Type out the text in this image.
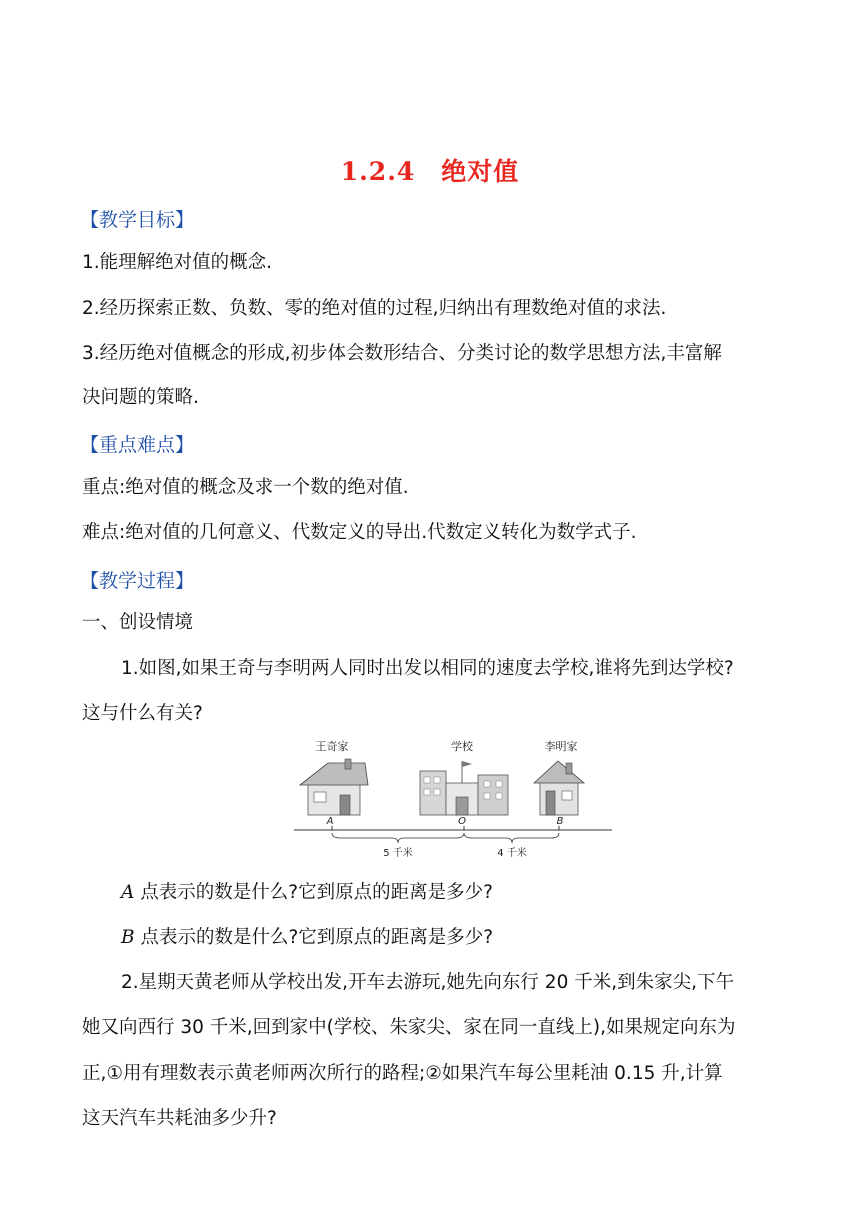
1.2.4　绝对值
【教学目标】
1.能理解绝对值的概念.
2.经历探索正数、负数、零的绝对值的过程,归纳出有理数绝对值的求法.
3.经历绝对值概念的形成,初步体会数形结合、分类讨论的数学思想方法,丰富解
决问题的策略.
【重点难点】
重点:绝对值的概念及求一个数的绝对值.
难点:绝对值的几何意义、代数定义的导出.代数定义转化为数学式子.
【教学过程】
一、创设情境
1.如图,如果王奇与李明两人同时出发以相同的速度去学校,谁将先到达学校?
这与什么有关?
王奇家	学校	李明家
A	O	B
5 千米	4 千米
A 点表示的数是什么?它到原点的距离是多少?
B 点表示的数是什么?它到原点的距离是多少?
2.星期天黄老师从学校出发,开车去游玩,她先向东行 20 千米,到朱家尖,下午
她又向西行 30 千米,回到家中(学校、朱家尖、家在同一直线上),如果规定向东为
正,①用有理数表示黄老师两次所行的路程;②如果汽车每公里耗油 0.15 升,计算
这天汽车共耗油多少升?
